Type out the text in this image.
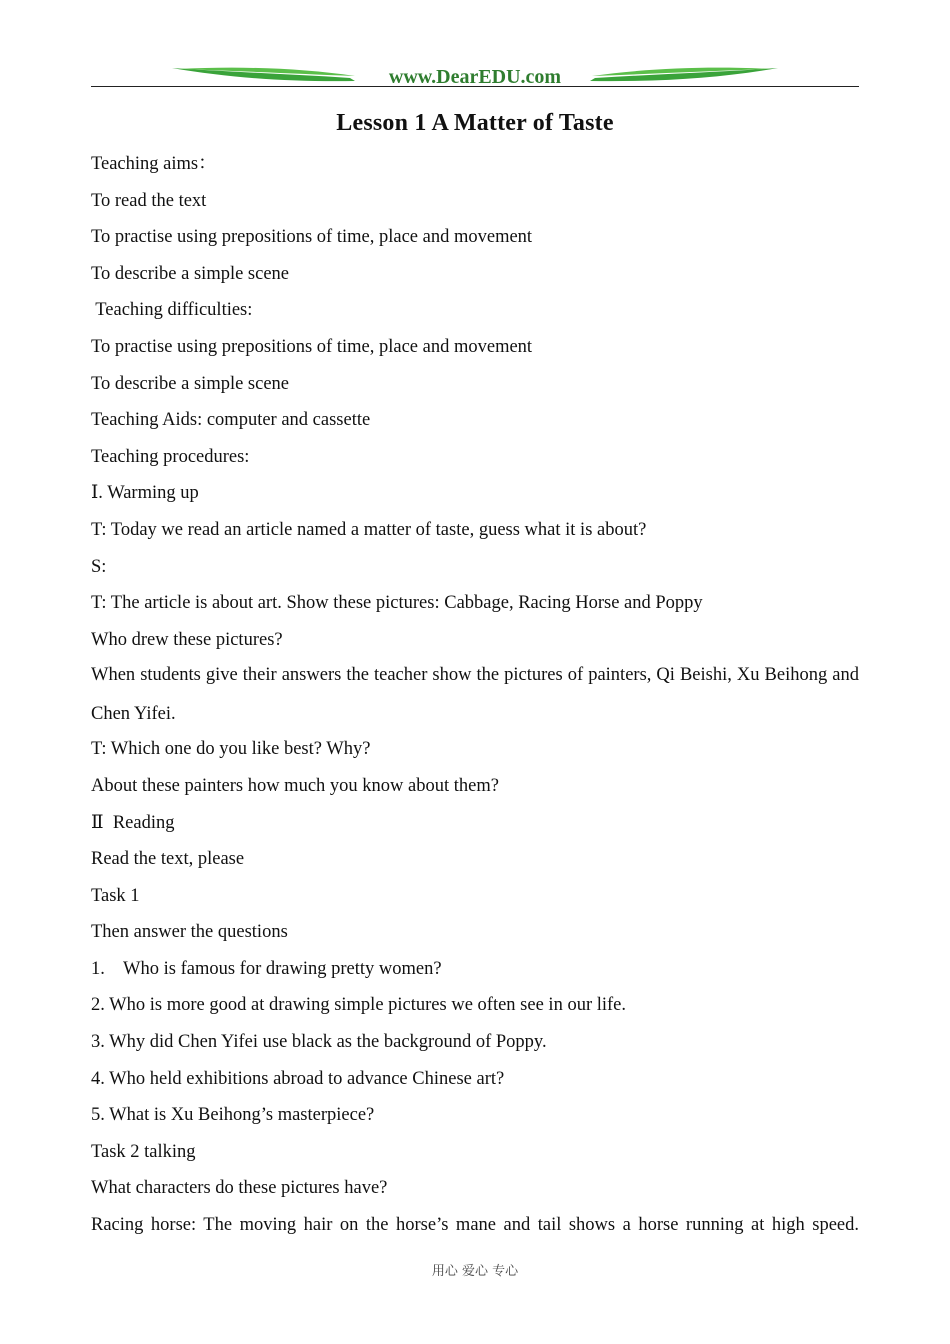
www.DearEDU.com
Lesson 1 A Matter of Taste
Teaching aims：
To read the text
To practise using prepositions of time, place and movement
To describe a simple scene
Teaching difficulties:
To practise using prepositions of time, place and movement
To describe a simple scene
Teaching Aids: computer and cassette
Teaching procedures:
Ⅰ. Warming up
T: Today we read an article named a matter of taste, guess what it is about?
S:
T: The article is about art. Show these pictures: Cabbage, Racing Horse and Poppy
Who drew these pictures?
When students give their answers the teacher show the pictures of painters, Qi Beishi, Xu Beihong and Chen Yifei.
T: Which one do you like best? Why?
About these painters how much you know about them?
Ⅱ  Reading
Read the text, please
Task 1
Then answer the questions
1.    Who is famous for drawing pretty women?
2. Who is more good at drawing simple pictures we often see in our life.
3. Why did Chen Yifei use black as the background of Poppy.
4. Who held exhibitions abroad to advance Chinese art?
5. What is Xu Beihong’s masterpiece?
Task 2 talking
What characters do these pictures have?
Racing horse: The moving hair on the horse’s mane and tail shows a horse running at high speed.
用心 爱心 专心
